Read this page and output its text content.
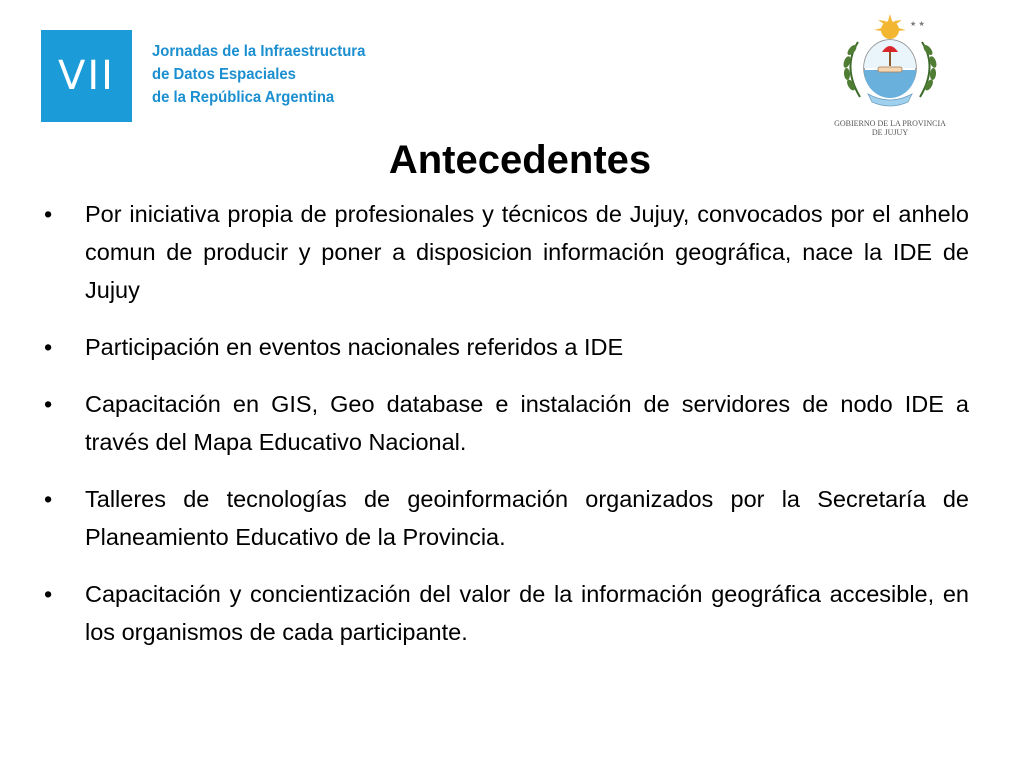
VII
Jornadas de la Infraestructura
de Datos Espaciales
de la República Argentina
★ ★
GOBIERNO DE LA PROVINCIA
DE JUJUY
Antecedentes
• Por iniciativa propia de profesionales y técnicos de Jujuy, convocados por el anhelo comun de producir y poner a disposicion información geográfica, nace la IDE de Jujuy
• Participación en eventos nacionales referidos a IDE
• Capacitación en GIS, Geo database e instalación de servidores de nodo IDE a través del Mapa Educativo Nacional.
• Talleres de tecnologías de geoinformación organizados por la Secretaría de Planeamiento Educativo de la Provincia.
• Capacitación y concientización del valor de la información geográfica accesible, en los organismos de cada participante.
